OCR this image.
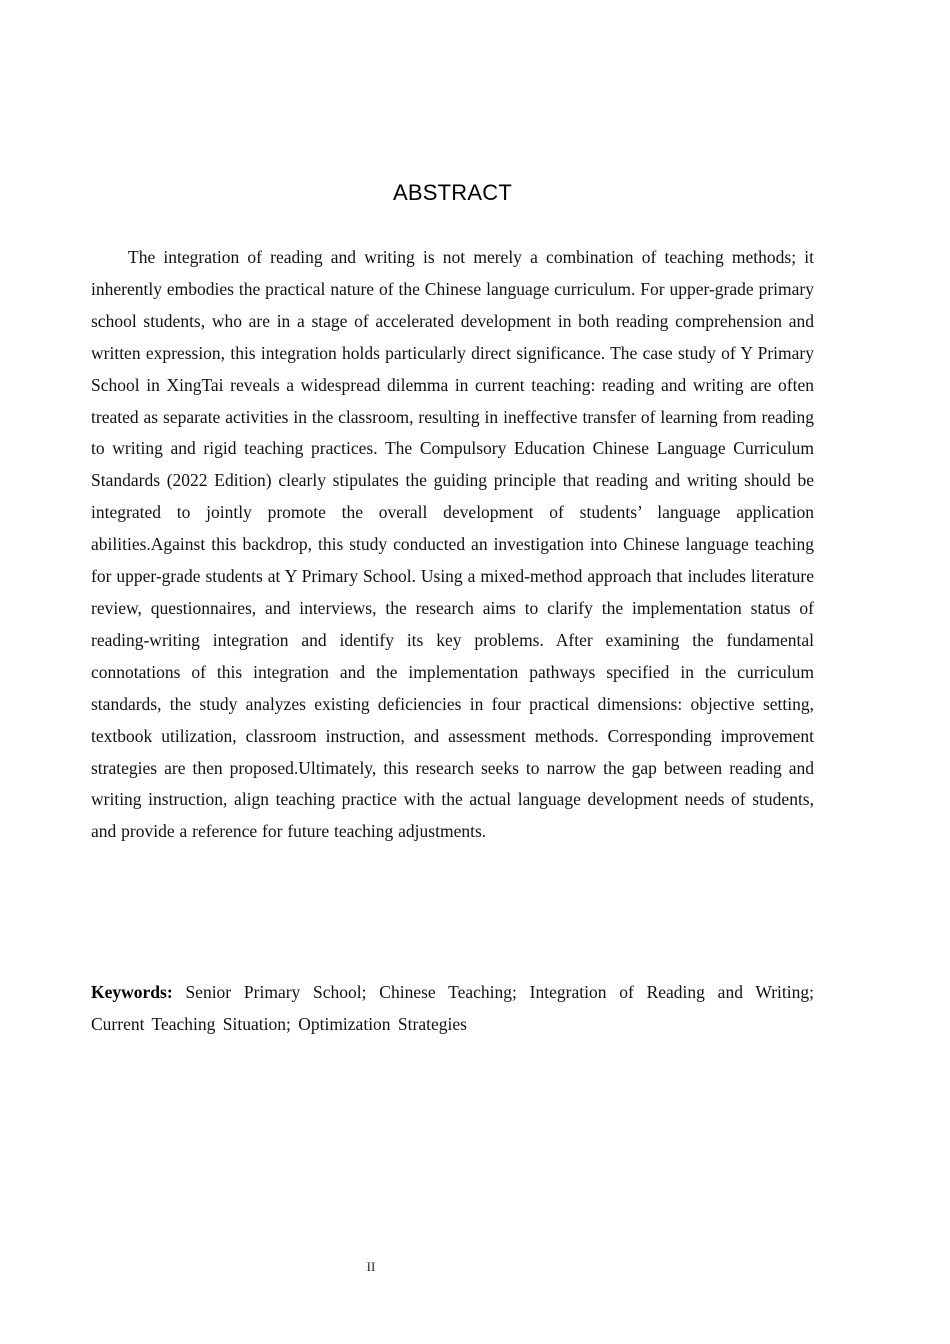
ABSTRACT

The integration of reading and writing is not merely a combination of teaching methods; it inherently embodies the practical nature of the Chinese language curriculum. For upper-grade primary school students, who are in a stage of accelerated development in both reading comprehension and written expression, this integration holds particularly direct significance. The case study of Y Primary School in XingTai reveals a widespread dilemma in current teaching: reading and writing are often treated as separate activities in the classroom, resulting in ineffective transfer of learning from reading to writing and rigid teaching practices. The Compulsory Education Chinese Language Curriculum Standards (2022 Edition) clearly stipulates the guiding principle that reading and writing should be integrated to jointly promote the overall development of students’ language application abilities.Against this backdrop, this study conducted an investigation into Chinese language teaching for upper-grade students at Y Primary School. Using a mixed-method approach that includes literature review, questionnaires, and interviews, the research aims to clarify the implementation status of reading-writing integration and identify its key problems. After examining the fundamental connotations of this integration and the implementation pathways specified in the curriculum standards, the study analyzes existing deficiencies in four practical dimensions: objective setting, textbook utilization, classroom instruction, and assessment methods. Corresponding improvement strategies are then proposed.Ultimately, this research seeks to narrow the gap between reading and writing instruction, align teaching practice with the actual language development needs of students, and provide a reference for future teaching adjustments.

Keywords: Senior Primary School; Chinese Teaching; Integration of Reading and Writing; Current Teaching Situation; Optimization Strategies

II
